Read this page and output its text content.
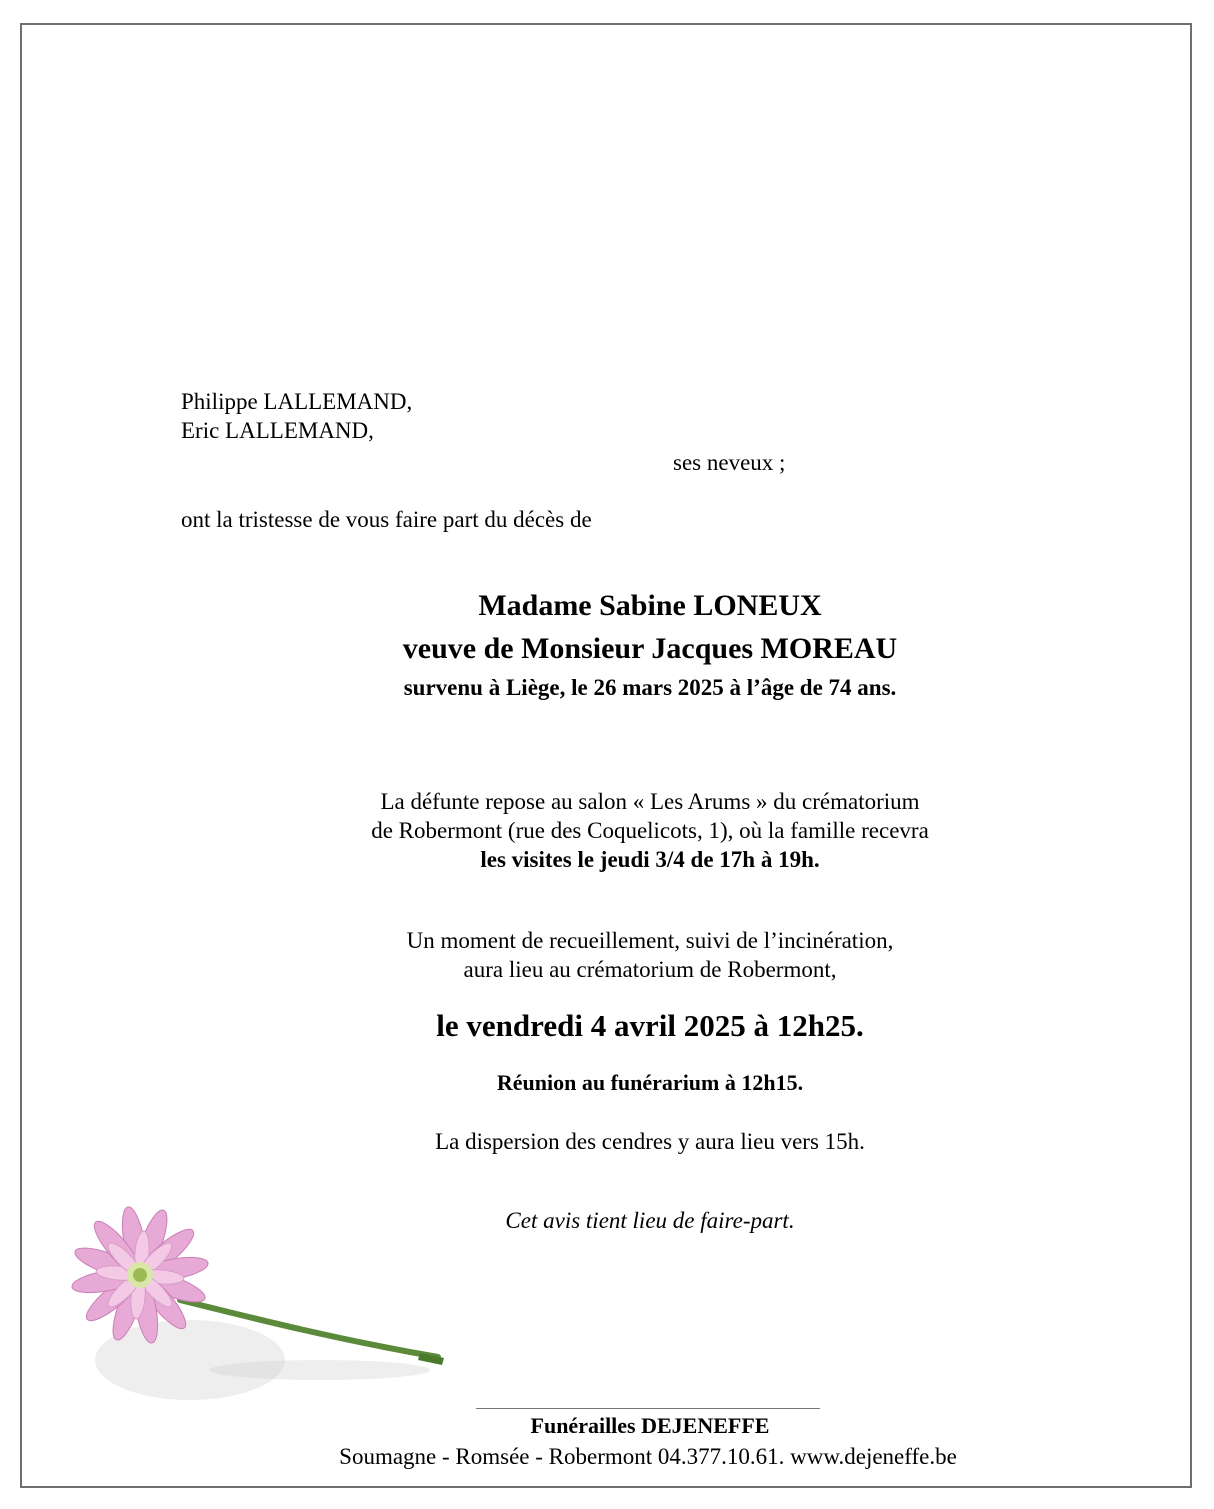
Philippe LALLEMAND,
Eric LALLEMAND,
ses neveux ;
ont la tristesse de vous faire part du décès de
Madame Sabine LONEUX
veuve de Monsieur Jacques MOREAU
survenu à Liège, le 26 mars 2025 à l’âge de 74 ans.
La défunte repose au salon « Les Arums » du crématorium
de Robermont (rue des Coquelicots, 1), où la famille recevra
les visites le jeudi 3/4 de 17h à 19h.
Un moment de recueillement, suivi de l’incinération,
aura lieu au crématorium de Robermont,
le vendredi 4 avril 2025 à 12h25.
Réunion au funérarium à 12h15.
La dispersion des cendres y aura lieu vers 15h.
Cet avis tient lieu de faire-part.
Funérailles DEJENEFFE
Soumagne - Romsée - Robermont 04.377.10.61. www.dejeneffe.be
